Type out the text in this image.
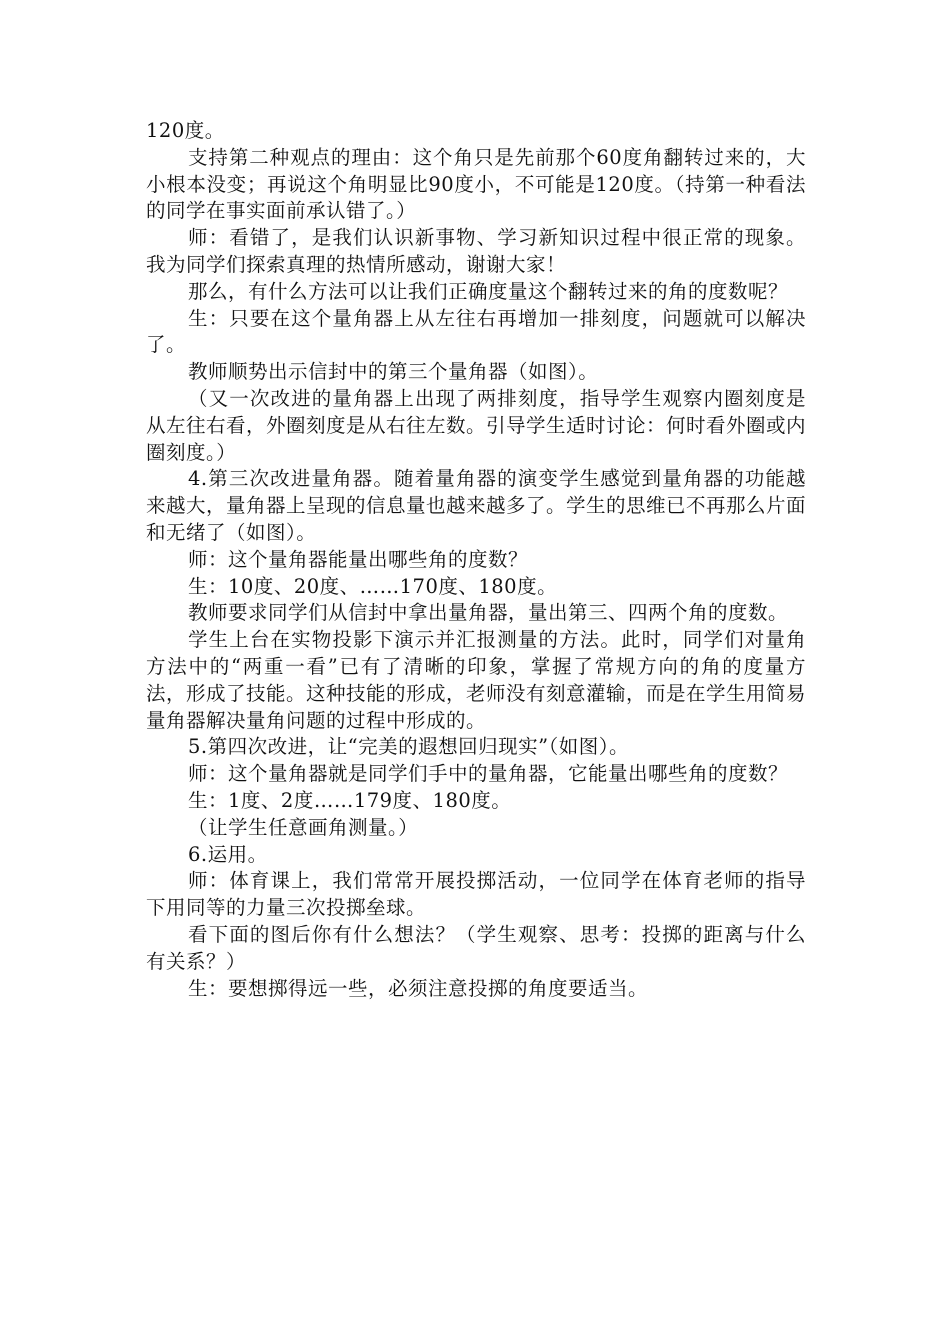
120度。

支持第二种观点的理由：这个角只是先前那个60度角翻转过来的，大小根本没变；再说这个角明显比90度小，不可能是120度。（持第一种看法的同学在事实面前承认错了。）

师：看错了，是我们认识新事物、学习新知识过程中很正常的现象。我为同学们探索真理的热情所感动，谢谢大家！

那么，有什么方法可以让我们正确度量这个翻转过来的角的度数呢？

生：只要在这个量角器上从左往右再增加一排刻度，问题就可以解决了。

教师顺势出示信封中的第三个量角器（如图）。

（又一次改进的量角器上出现了两排刻度，指导学生观察内圈刻度是从左往右看，外圈刻度是从右往左数。引导学生适时讨论：何时看外圈或内圈刻度。）

4.第三次改进量角器。随着量角器的演变学生感觉到量角器的功能越来越大，量角器上呈现的信息量也越来越多了。学生的思维已不再那么片面和无绪了（如图）。

师：这个量角器能量出哪些角的度数？

生：10度、20度、……170度、180度。

教师要求同学们从信封中拿出量角器，量出第三、四两个角的度数。

学生上台在实物投影下演示并汇报测量的方法。此时，同学们对量角方法中的“两重一看”已有了清晰的印象，掌握了常规方向的角的度量方法，形成了技能。这种技能的形成，老师没有刻意灌输，而是在学生用简易量角器解决量角问题的过程中形成的。

5.第四次改进，让“完美的遐想回归现实”（如图）。

师：这个量角器就是同学们手中的量角器，它能量出哪些角的度数？

生：1度、2度……179度、180度。

（让学生任意画角测量。）

6.运用。

师：体育课上，我们常常开展投掷活动，一位同学在体育老师的指导下用同等的力量三次投掷垒球。

看下面的图后你有什么想法？（学生观察、思考：投掷的距离与什么有关系？）

生：要想掷得远一些，必须注意投掷的角度要适当。
